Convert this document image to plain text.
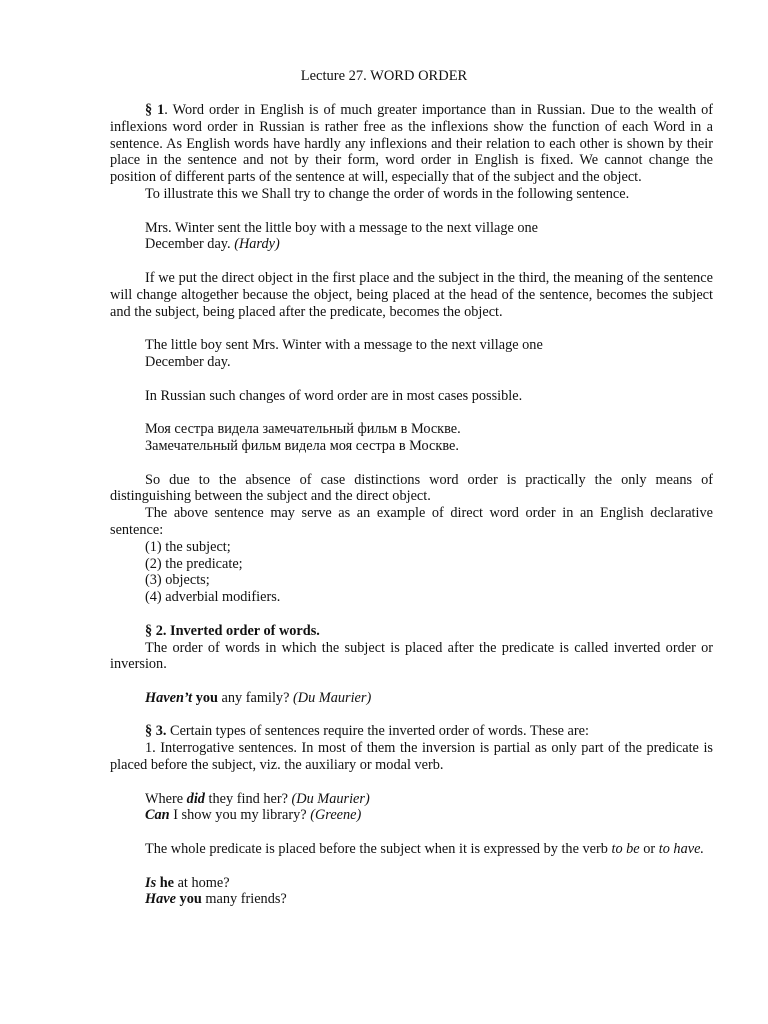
Lecture 27. WORD ORDER

§ 1. Word order in English is of much greater importance than in Russian. Due to the wealth of inflexions word order in Russian is rather free as the inflexions show the function of each Word in a sentence. As English words have hardly any inflexions and their relation to each other is shown by their place in the sentence and not by their form, word order in English is fixed. We cannot change the position of different parts of the sentence at will, especially that of the subject and the object.

To illustrate this we Shall try to change the order of words in the following sentence.

Mrs. Winter sent the little boy with a message to the next village one
December day. (Hardy)

If we put the direct object in the first place and the subject in the third, the meaning of the sentence will change altogether because the object, being placed at the head of the sentence, becomes the subject and the subject, being placed after the predicate, becomes the object.

The little boy sent Mrs. Winter with a message to the next village one
December day.

In Russian such changes of word order are in most cases possible.

Моя сестра видела замечательный фильм в Москве.
Замечательный фильм видела моя сестра в Москве.

So due to the absence of case distinctions word order is practically the only means of distinguishing between the subject and the direct object.

The above sentence may serve as an example of direct word order in an English declarative sentence:

(1) the subject;

(2) the predicate;

(3) objects;

(4) adverbial modifiers.

§ 2. Inverted order of words.

The order of words in which the subject is placed after the predicate is called inverted order or inversion.

Haven’t you any family? (Du Maurier)

§ 3. Certain types of sentences require the inverted order of words. These are:

1. Interrogative sentences. In most of them the inversion is partial as only part of the predicate is placed before the subject, viz. the auxiliary or modal verb.

Where did they find her? (Du Maurier)
Can I show you my library? (Greene)

The whole predicate is placed before the subject when it is expressed by the verb to be or to have.

Is he at home?
Have you many friends?
